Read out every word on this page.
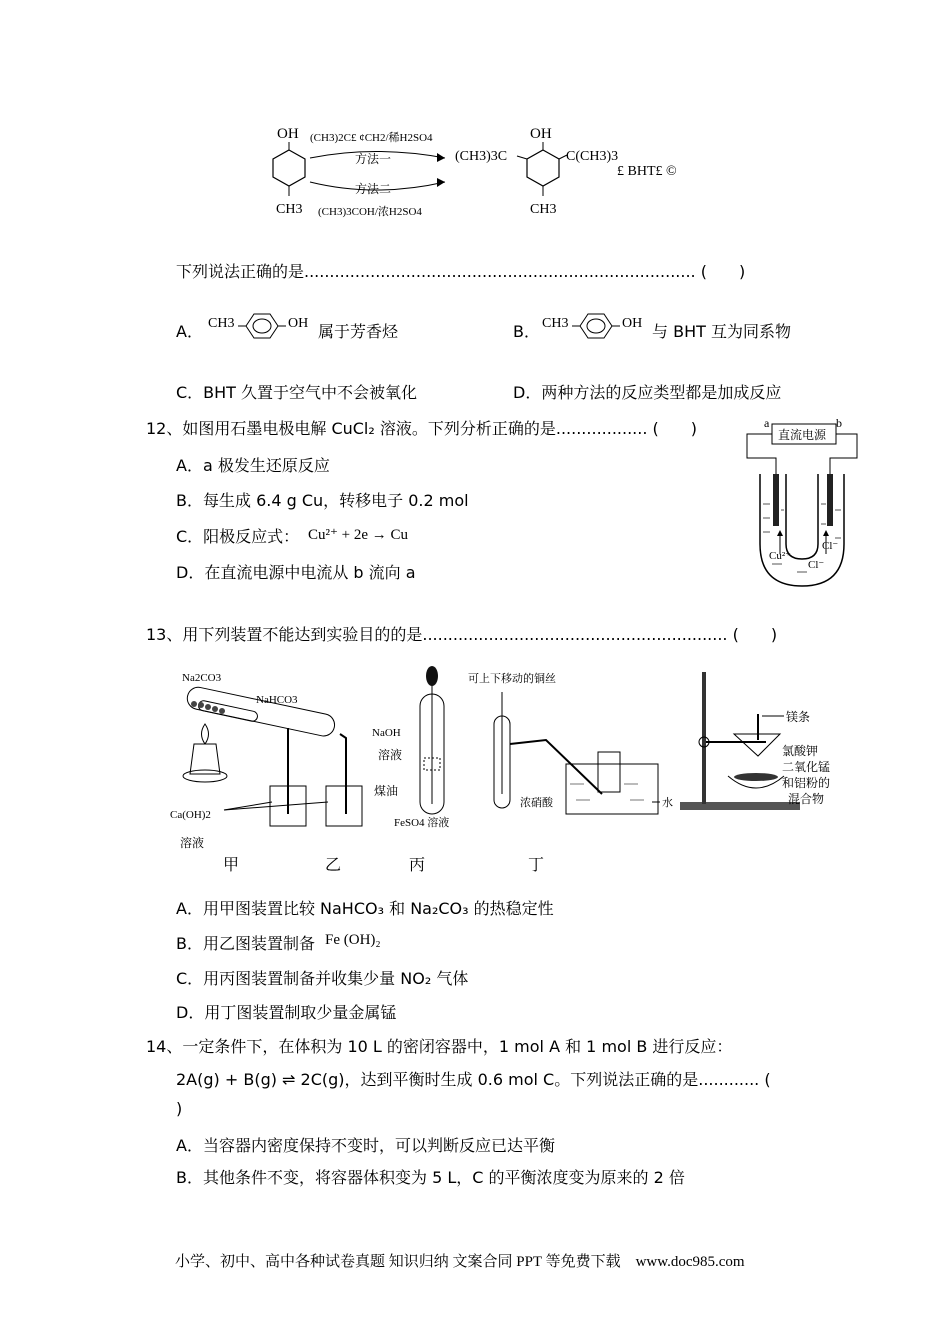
OH
CH3
(CH3)2C£ ¢CH2/稀H2SO4
方法一
方法二
(CH3)3COH/浓H2SO4
OH
(CH3)3C	C(CH3)3
CH3
£ BHT£ ©
下列说法正确的是............................................................................. (　　)
A． CH3	OH 属于芳香烃	B． CH3	OH 与 BHT 互为同系物
C．BHT 久置于空气中不会被氧化	D．两种方法的反应类型都是加成反应
12、如图用石墨电极电解 CuCl₂ 溶液。下列分析正确的是.................. (　　)
A．a 极发生还原反应
B．每生成 6.4 g Cu，转移电子 0.2 mol
C．阳极反应式： Cu²⁺ + 2e → Cu
D．在直流电源中电流从 b 流向 a
直流电源
a	b
Cu²⁺
Cl⁻
Cl⁻
13、用下列装置不能达到实验目的的是............................................................ (　　)
Na2CO3
NaHCO3
Ca(OH)2
溶液
NaOH
溶液
煤油
FeSO4 溶液
可上下移动的铜丝
浓硝酸	水
镁条
氯酸钾
二氧化锰
和铝粉的
混合物
甲	乙	丙	丁
A．用甲图装置比较 NaHCO₃ 和 Na₂CO₃ 的热稳定性
B．用乙图装置制备 Fe (OH)₂
C．用丙图装置制备并收集少量 NO₂ 气体
D．用丁图装置制取少量金属锰
14、一定条件下，在体积为 10 L 的密闭容器中，1 mol A 和 1 mol B 进行反应：
2A(g) + B(g) ⇌ 2C(g)，达到平衡时生成 0.6 mol C。下列说法正确的是............ (
)
A．当容器内密度保持不变时，可以判断反应已达平衡
B．其他条件不变，将容器体积变为 5 L，C 的平衡浓度变为原来的 2 倍
小学、初中、高中各种试卷真题 知识归纳 文案合同 PPT 等免费下载　www.doc985.com
